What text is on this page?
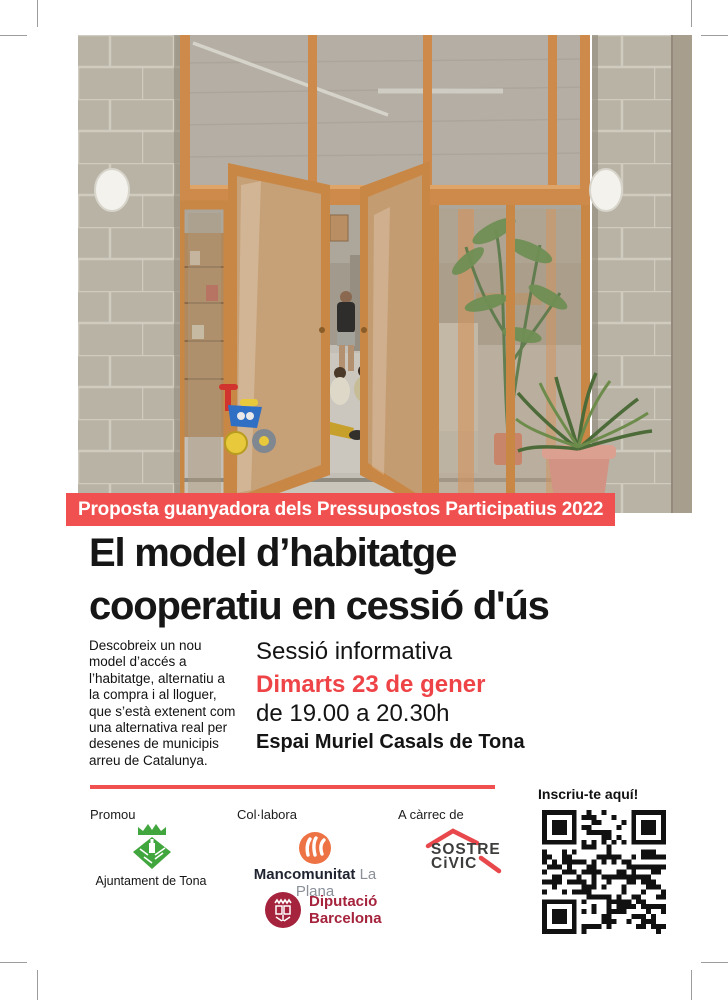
Proposta guanyadora dels Pressupostos Participatius 2022
El model d’habitatge
cooperatiu en cessió d'ús
Descobreix un nou
model d’accés a
l’habitatge, alternatiu a
la compra i al lloguer,
que s’està extenent com
una alternativa real per
desenes de municipis
arreu de Catalunya.
Sessió informativa
Dimarts 23 de gener
de 19.00 a 20.30h
Espai Muriel Casals de Tona
Promou	Col·labora	A càrrec de
Ajuntament de Tona	Mancomunitat La Plana
SOSTRE
CiVIC
Diputació
Barcelona
Inscriu-te aquí!
